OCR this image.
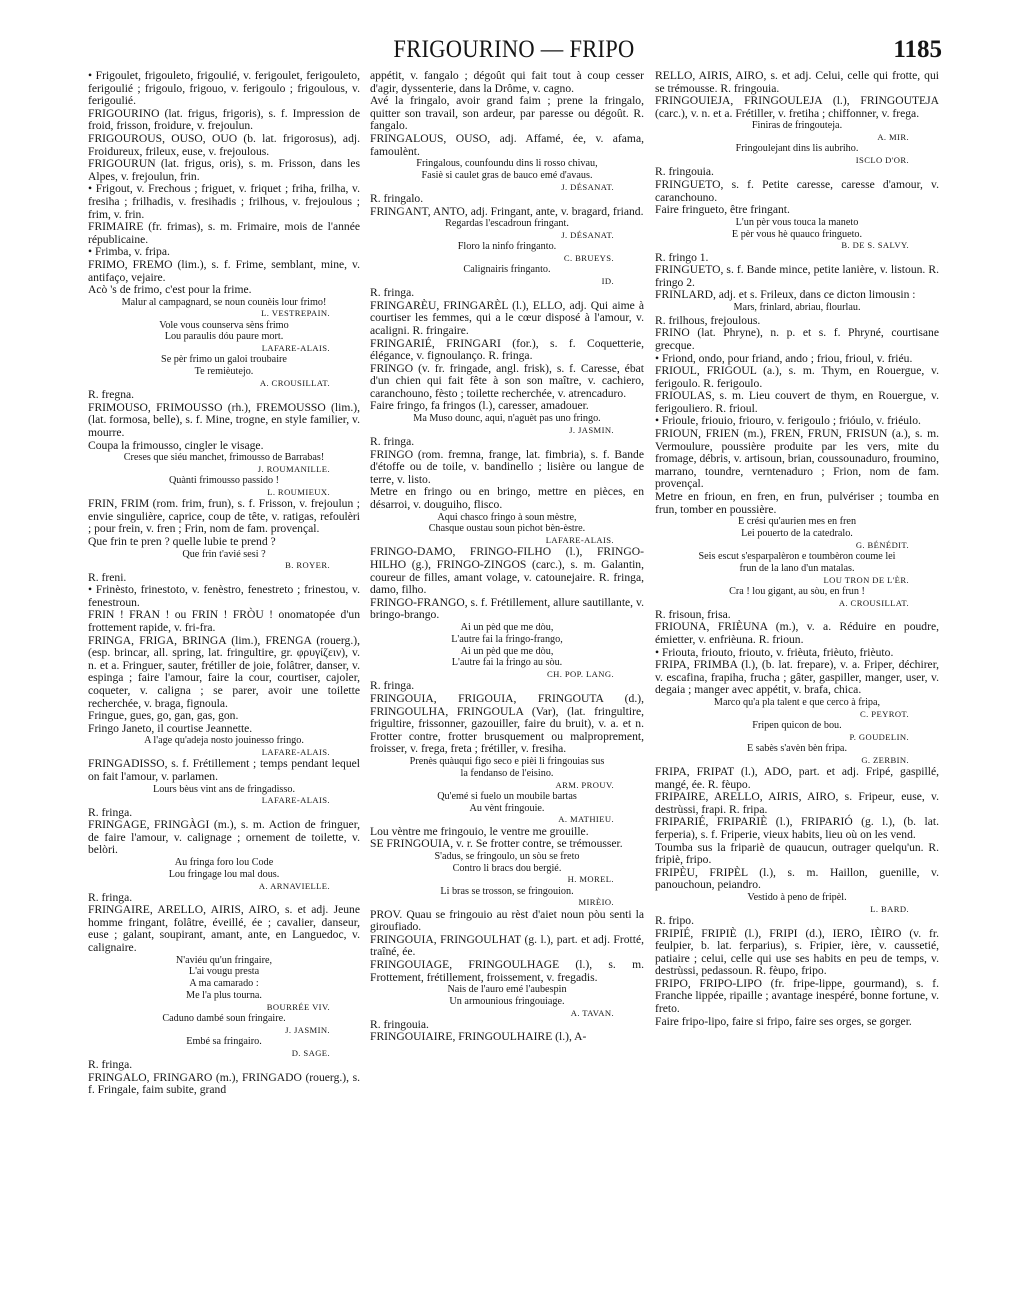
FRIGOURINO — FRIPO	1185

• Frigoulet, frigouleto, frigoulié, v. ferigoulet, ferigouleto, ferigoulié ; frigoulo, frigouo, v. ferigoulo ; frigoulous, v. ferigoulié.

FRIGOURINO (lat. frigus, frigoris), s. f. Impression de froid, frisson, froidure, v. frejoulun.

FRIGOUROUS, OUSO, OUO (b. lat. frigorosus), adj. Froidureux, frileux, euse, v. frejoulous.

FRIGOURUN (lat. frigus, oris), s. m. Frisson, dans les Alpes, v. frejoulun, frin.

• Frigout, v. Frechous ; friguet, v. friquet ; friha, frilha, v. fresiha ; frilhadis, v. fresihadis ; frilhous, v. frejoulous ; frim, v. frin.

FRIMAIRE (fr. frimas), s. m. Frimaire, mois de l'année républicaine.

• Frimba, v. fripa.

FRIMO, FREMO (lim.), s. f. Frime, semblant, mine, v. antifaço, vejaire.

Acò 's de frimo, c'est pour la frime.

Malur al campagnard, se noun counèis lour frimo!

L. VESTREPAIN.

Vole vous counserva sèns frimo
Lou paraulis dóu paure mort.

LAFARE-ALAIS.

Se pèr frimo un galoi troubaire
Te remièutejo.

A. CROUSILLAT.

R. fregna.

FRIMOUSO, FRIMOUSSO (rh.), FREMOUSSO (lim.), (lat. formosa, belle), s. f. Mine, trogne, en style familier, v. mourre.

Coupa la frimousso, cingler le visage.

Creses que siéu manchet, frimousso de Barrabas!

J. ROUMANILLE.

Quànti frimousso passido !

L. ROUMIEUX.

FRIN, FRIM (rom. frim, frun), s. f. Frisson, v. frejoulun ; envie singulière, caprice, coup de tête, v. ratigas, refoulèri ; pour frein, v. fren ; Frin, nom de fam. provençal.

Que frin te pren ? quelle lubie te prend ?

Que frin t'avié sesi ?

B. ROYER.

R. freni.

• Frinèsto, frinestoto, v. fenèstro, fenestreto ; frinestou, v. fenestroun.

FRIN ! FRAN ! ou FRIN ! FRÒU ! onomatopée d'un frottement rapide, v. fri-fra.

FRINGA, FRIGA, BRINGA (lim.), FRENGA (rouerg.), (esp. brincar, all. spring, lat. fringultire, gr. φρυγίζειν), v. n. et a. Fringuer, sauter, frétiller de joie, folâtrer, danser, v. espinga ; faire l'amour, faire la cour, courtiser, cajoler, coqueter, v. caligna ; se parer, avoir une toilette recherchée, v. braga, fignoula.

Fringue, gues, go, gan, gas, gon.

Fringo Janeto, il courtise Jeannette.

A l'age qu'adeja nosto jouinesso fringo.

LAFARE-ALAIS.

FRINGADISSO, s. f. Frétillement ; temps pendant lequel on fait l'amour, v. parlamen.

Lours bèus vint ans de fringadisso.

LAFARE-ALAIS.

R. fringa.

FRINGAGE, FRINGÀGI (m.), s. m. Action de fringuer, de faire l'amour, v. calignage ; ornement de toilette, v. belòri.

Au fringa foro lou Code
Lou fringage lou mal dous.

A. ARNAVIELLE.

R. fringa.

FRINGAIRE, ARELLO, AIRIS, AIRO, s. et adj. Jeune homme fringant, folâtre, éveillé, ée ; cavalier, danseur, euse ; galant, soupirant, amant, ante, en Languedoc, v. calignaire.

N'aviéu qu'un fringaire,
L'ai vougu presta
A ma camarado :
Me l'a plus tourna.

BOURRÉE VIV.

Caduno dambé soun fringaire.

J. JASMIN.

Embé sa fringairo.

D. SAGE.

R. fringa.

FRINGALO, FRINGARO (m.), FRINGADO (rouerg.), s. f. Fringale, faim subite, grand

appétit, v. fangalo ; dégoût qui fait tout à coup cesser d'agir, dyssenterie, dans la Drôme, v. cagno.

Avé la fringalo, avoir grand faim ; prene la fringalo, quitter son travail, son ardeur, par paresse ou dégoût. R. fangalo.

FRINGALOUS, OUSO, adj. Affamé, ée, v. afama, famoulènt.

Fringalous, counfoundu dins li rosso chivau,
Fasiè si caulet gras de bauco emé d'avaus.

J. DÉSANAT.

R. fringalo.

FRINGANT, ANTO, adj. Fringant, ante, v. bragard, friand.

Regardas l'escadroun fringant.

J. DÉSANAT.

Floro la ninfo fringanto.

C. BRUEYS.

Calignairis fringanto.

ID.

R. fringa.

FRINGARÈU, FRINGARÈL (l.), ELLO, adj. Qui aime à courtiser les femmes, qui a le cœur disposé à l'amour, v. acaligni. R. fringaire.

FRINGARIÉ, FRINGARI (for.), s. f. Coquetterie, élégance, v. fignoulanço. R. fringa.

FRINGO (v. fr. fringade, angl. frisk), s. f. Caresse, ébat d'un chien qui fait fête à son son maître, v. cachiero, caranchouno, fèsto ; toilette recherchée, v. atrencaduro.

Faire fringo, fa fringos (l.), caresser, amadouer.

Ma Muso dounc, aqui, n'aguèt pas uno fringo.

J. JASMIN.

R. fringa.

FRINGO (rom. fremna, frange, lat. fimbria), s. f. Bande d'étoffe ou de toile, v. bandinello ; lisière ou langue de terre, v. listo.

Metre en fringo ou en bringo, mettre en pièces, en désarroi, v. douguiho, flisco.

Aqui chasco fringo à soun mèstre,
Chasque oustau soun pichot bèn-èstre.

LAFARE-ALAIS.

FRINGO-DAMO, FRINGO-FILHO (l.), FRINGO-HILHO (g.), FRINGO-ZINGOS (carc.), s. m. Galantin, coureur de filles, amant volage, v. catounejaire. R. fringa, damo, filho.

FRINGO-FRANGO, s. f. Frétillement, allure sautillante, v. bringo-brango.

Ai un pèd que me dòu,
L'autre fai la fringo-frango,
Ai un pèd que me dòu,
L'autre fai la fringo au sòu.

CH. POP. LANG.

R. fringa.

FRINGOUIA, FRIGOUIA, FRINGOUTA (d.), FRINGOULHA, FRINGOULA (Var), (lat. fringultire, frigultire, frissonner, gazouiller, faire du bruit), v. a. et n. Frotter contre, frotter brusquement ou malproprement, froisser, v. frega, freta ; frétiller, v. fresiha.

Prenès quàuqui figo seco e pièi li fringouias sus
la fendanso de l'eisino.

ARM. PROUV.

Qu'emé si fuelo un moubile bartas
Au vènt fringouie.

A. MATHIEU.

Lou vèntre me fringouio, le ventre me grouille.

SE FRINGOUIA, v. r. Se frotter contre, se trémousser.

S'adus, se fringoulo, un sòu se freto
Contro li bracs dou bergié.

H. MOREL.

Li bras se trosson, se fringouion.

MIRÈIO.

PROV. Quau se fringouio au rèst d'aiet noun pòu senti la giroufiado.

FRINGOUIA, FRINGOULHAT (g. l.), part. et adj. Frotté, traîné, ée.

FRINGOUIAGE, FRINGOULHAGE (l.), s. m. Frottement, frétillement, froissement, v. fregadis.

Nais de l'auro emé l'aubespin
Un armounious fringouiage.

A. TAVAN.

R. fringouia.

FRINGOUIAIRE, FRINGOULHAIRE (l.), A-

RELLO, AIRIS, AIRO, s. et adj. Celui, celle qui frotte, qui se trémousse. R. fringouia.

FRINGOUIEJA, FRINGOULEJA (l.), FRINGOUTEJA (carc.), v. n. et a. Frétiller, v. fretiha ; chiffonner, v. frega.

Finiras de fringouteja.

A. MIR.

Fringoulejant dins lis aubriho.

ISCLO D'OR.

R. fringouia.

FRINGUETO, s. f. Petite caresse, caresse d'amour, v. caranchouno.

Faire fringueto, être fringant.

L'un pèr vous touca la maneto
E pèr vous hè quauco fringueto.

B. DE S. SALVY.

R. fringo 1.

FRINGUETO, s. f. Bande mince, petite lanière, v. listoun. R. fringo 2.

FRINLARD, adj. et s. Frileux, dans ce dicton limousin :

Mars, frinlard, abriau, flourlau.

R. frilhous, frejoulous.

FRINO (lat. Phryne), n. p. et s. f. Phryné, courtisane grecque.

• Friond, ondo, pour friand, ando ; friou, frioul, v. friéu.

FRIOUL, FRIGOUL (a.), s. m. Thym, en Rouergue, v. ferigoulo. R. ferigoulo.

FRIOULAS, s. m. Lieu couvert de thym, en Rouergue, v. ferigouliero. R. frioul.

• Frioule, friouio, friouro, v. ferigoulo ; frióulo, v. friéulo.

FRIOUN, FRIEN (m.), FREN, FRUN, FRISUN (a.), s. m. Vermoulure, poussière produite par les vers, mite du fromage, débris, v. artisoun, brian, coussounaduro, froumino, marrano, toundre, verntenaduro ; Frion, nom de fam. provençal.

Metre en frioun, en fren, en frun, pulvériser ; toumba en frun, tomber en poussière.

E crési qu'aurien mes en fren
Lei pouerto de la catedralo.

G. BÉNÉDIT.

Seis escut s'esparpalèron e toumbèron coume lei
frun de la lano d'un matalas.

LOU TRON DE L'ÈR.

Cra ! lou gigant, au sòu, en frun !

A. CROUSILLAT.

R. frisoun, frisa.

FRIOUNA, FRIÈUNA (m.), v. a. Réduire en poudre, émietter, v. enfrièuna. R. frioun.

• Friouta, friouto, friouto, v. frièuta, frièuto, frièuto.

FRIPA, FRIMBA (l.), (b. lat. frepare), v. a. Friper, déchirer, v. escafina, frapiha, frucha ; gâter, gaspiller, manger, user, v. degaia ; manger avec appétit, v. brafa, chica.

Marco qu'a pla talent e que cerco à fripa,

C. PEYROT.

Fripen quicon de bou.

P. GOUDELIN.

E sabès s'avèn bèn fripa.

G. ZERBIN.

FRIPA, FRIPAT (l.), ADO, part. et adj. Fripé, gaspillé, mangé, ée. R. fèupo.

FRIPAIRE, ARELLO, AIRIS, AIRO, s. Fripeur, euse, v. destrùssi, frapi. R. fripa.

FRIPARIÉ, FRIPARIÈ (l.), FRIPARIÓ (g. l.), (b. lat. ferperia), s. f. Friperie, vieux habits, lieu où on les vend.

Toumba sus la fripariè de quaucun, outrager quelqu'un. R. fripiè, fripo.

FRIPÈU, FRIPÈL (l.), s. m. Haillon, guenille, v. panouchoun, peiandro.

Vestido à peno de fripèl.

L. BARD.

R. fripo.

FRIPIÉ, FRIPIÈ (l.), FRIPI (d.), IERO, IÈIRO (v. fr. feulpier, b. lat. ferparius), s. Fripier, ière, v. caussetié, patiaire ; celui, celle qui use ses habits en peu de temps, v. destrùssi, pedassoun. R. fèupo, fripo.

FRIPO, FRIPO-LIPO (fr. fripe-lippe, gourmand), s. f. Franche lippée, ripaille ; avantage inespéré, bonne fortune, v. freto.

Faire fripo-lipo, faire si fripo, faire ses orges, se gorger.
